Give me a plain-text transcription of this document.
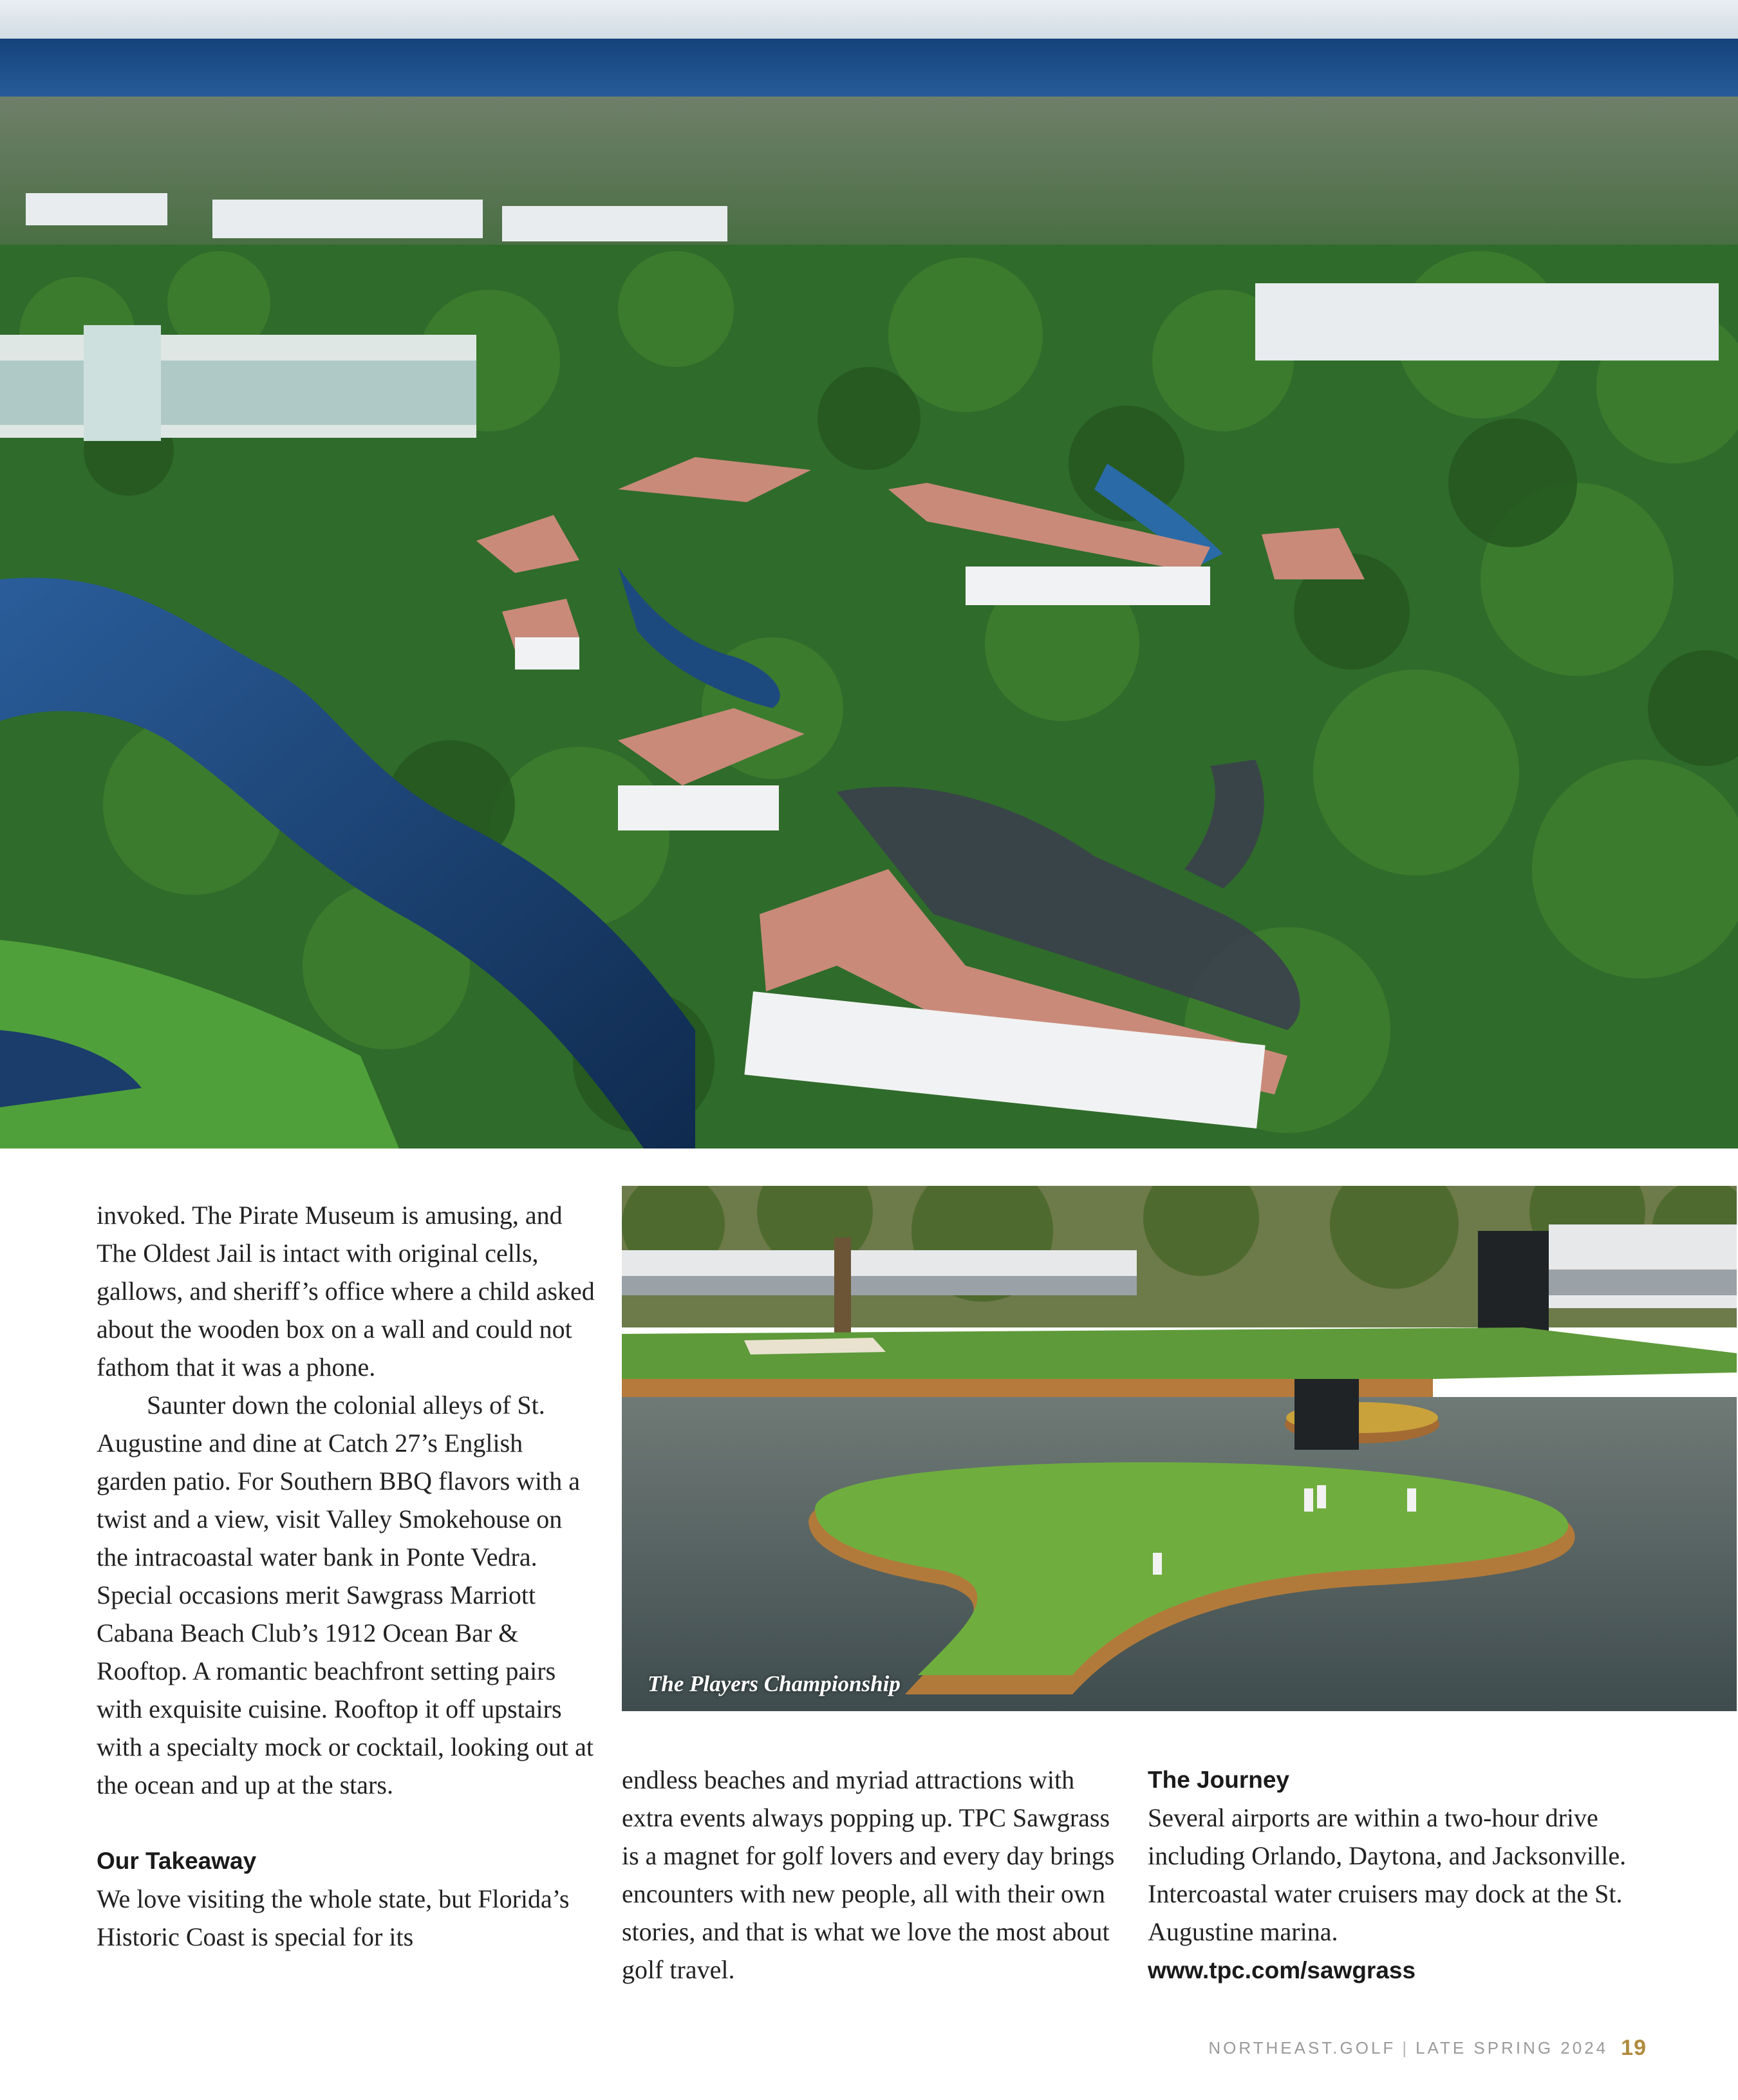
invoked. The Pirate Museum is amusing, and The Oldest Jail is intact with original cells, gallows, and sheriff’s office where a child asked about the wooden box on a wall and could not fathom that it was a phone.

Saunter down the colonial alleys of St. Augustine and dine at Catch 27’s English garden patio. For Southern BBQ flavors with a twist and a view, visit Valley Smokehouse on the intracoastal water bank in Ponte Vedra. Special occasions merit Sawgrass Marriott Cabana Beach Club’s 1912 Ocean Bar & Rooftop. A romantic beachfront setting pairs with exquisite cuisine. Rooftop it off upstairs with a specialty mock or cocktail, looking out at the ocean and up at the stars.

Our Takeaway

We love visiting the whole state, but Florida’s Historic Coast is special for its

The Players Championship

endless beaches and myriad attractions with extra events always popping up. TPC Sawgrass is a magnet for golf lovers and every day brings encounters with new people, all with their own stories, and that is what we love the most about golf travel.

The Journey

Several airports are within a two-hour drive including Orlando, Daytona, and Jacksonville. Intercoastal water cruisers may dock at the St. Augustine marina.

www.tpc.com/sawgrass

NORTHEAST.GOLF | LATE SPRING 2024 19
